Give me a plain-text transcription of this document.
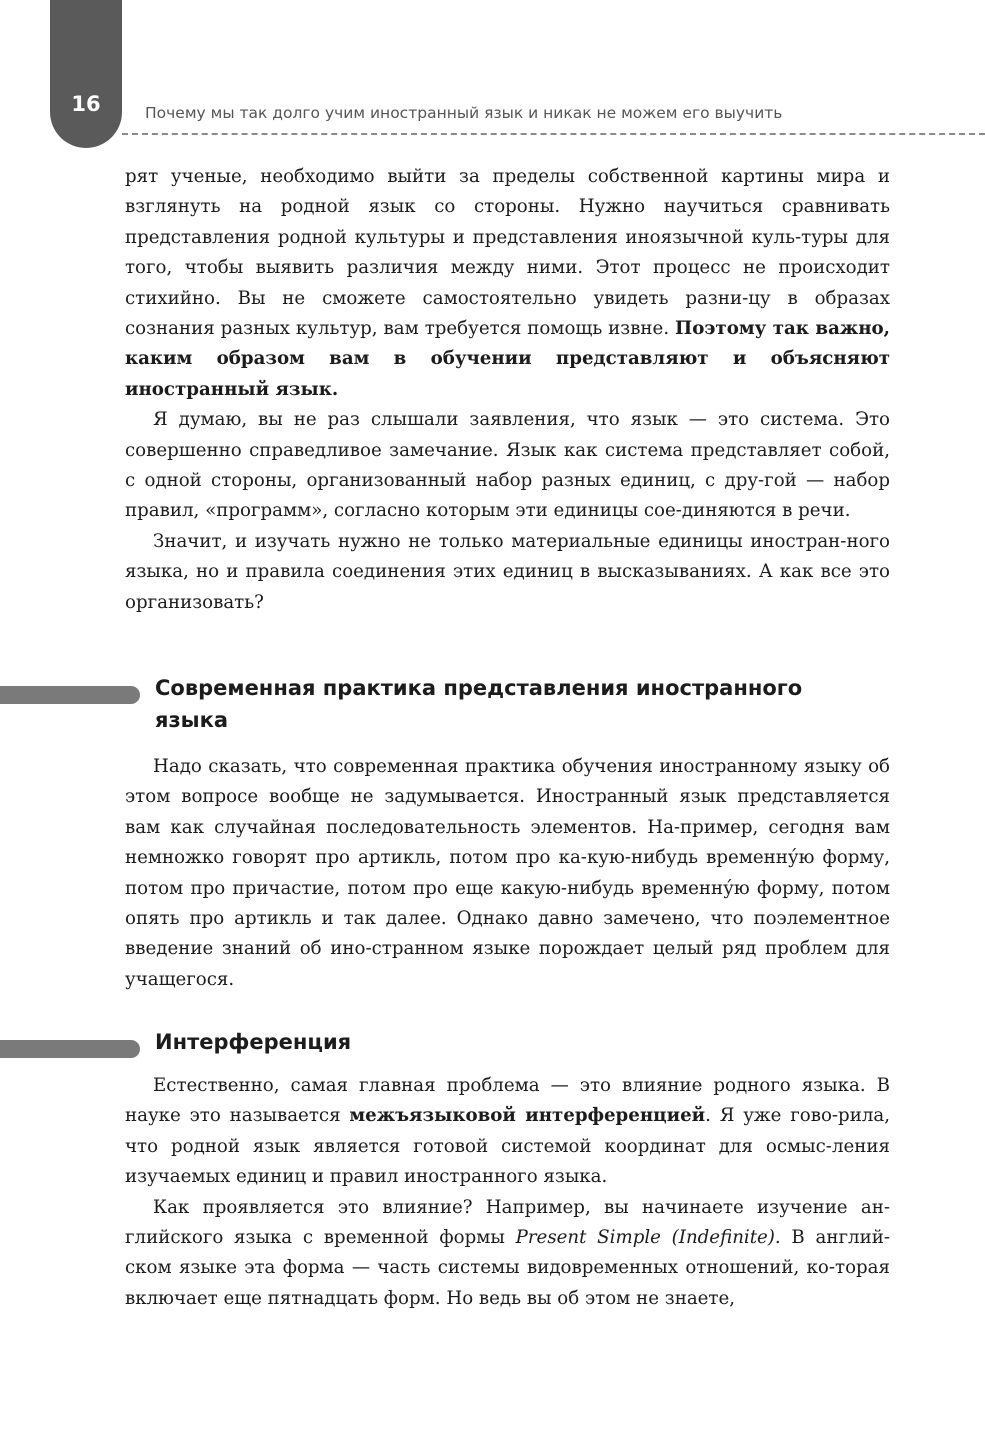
16	Почему мы так долго учим иностранный язык и никак не можем его выучить

рят ученые, необходимо выйти за пределы собственной картины мира и взглянуть на родной язык со стороны. Нужно научиться сравнивать представления родной культуры и представления иноязычной куль-туры для того, чтобы выявить различия между ними. Этот процесс не происходит стихийно. Вы не сможете самостоятельно увидеть разни-цу в образах сознания разных культур, вам требуется помощь извне. Поэтому так важно, каким образом вам в обучении представляют и объясняют иностранный язык.

Я думаю, вы не раз слышали заявления, что язык — это система. Это совершенно справедливое замечание. Язык как система представляет собой, с одной стороны, организованный набор разных единиц, с дру-гой — набор правил, «программ», согласно которым эти единицы сое-диняются в речи.

Значит, и изучать нужно не только материальные единицы иностран-ного языка, но и правила соединения этих единиц в высказываниях. А как все это организовать?

Современная практика представления иностранного
языка

Надо сказать, что современная практика обучения иностранному языку об этом вопросе вообще не задумывается. Иностранный язык представляется вам как случайная последовательность элементов. На-пример, сегодня вам немножко говорят про артикль, потом про ка-кую-нибудь временну́ю форму, потом про причастие, потом про еще какую-нибудь временну́ю форму, потом опять про артикль и так далее. Однако давно замечено, что поэлементное введение знаний об ино-странном языке порождает целый ряд проблем для учащегося.

Интерференция

Естественно, самая главная проблема — это влияние родного языка. В науке это называется межъязыковой интерференцией. Я уже гово-рила, что родной язык является готовой системой координат для осмыс-ления изучаемых единиц и правил иностранного языка.

Как проявляется это влияние? Например, вы начинаете изучение ан-глийского языка с временной формы Present Simple (Indefinite). В англий-ском языке эта форма — часть системы видовременных отношений, ко-торая включает еще пятнадцать форм. Но ведь вы об этом не знаете,
